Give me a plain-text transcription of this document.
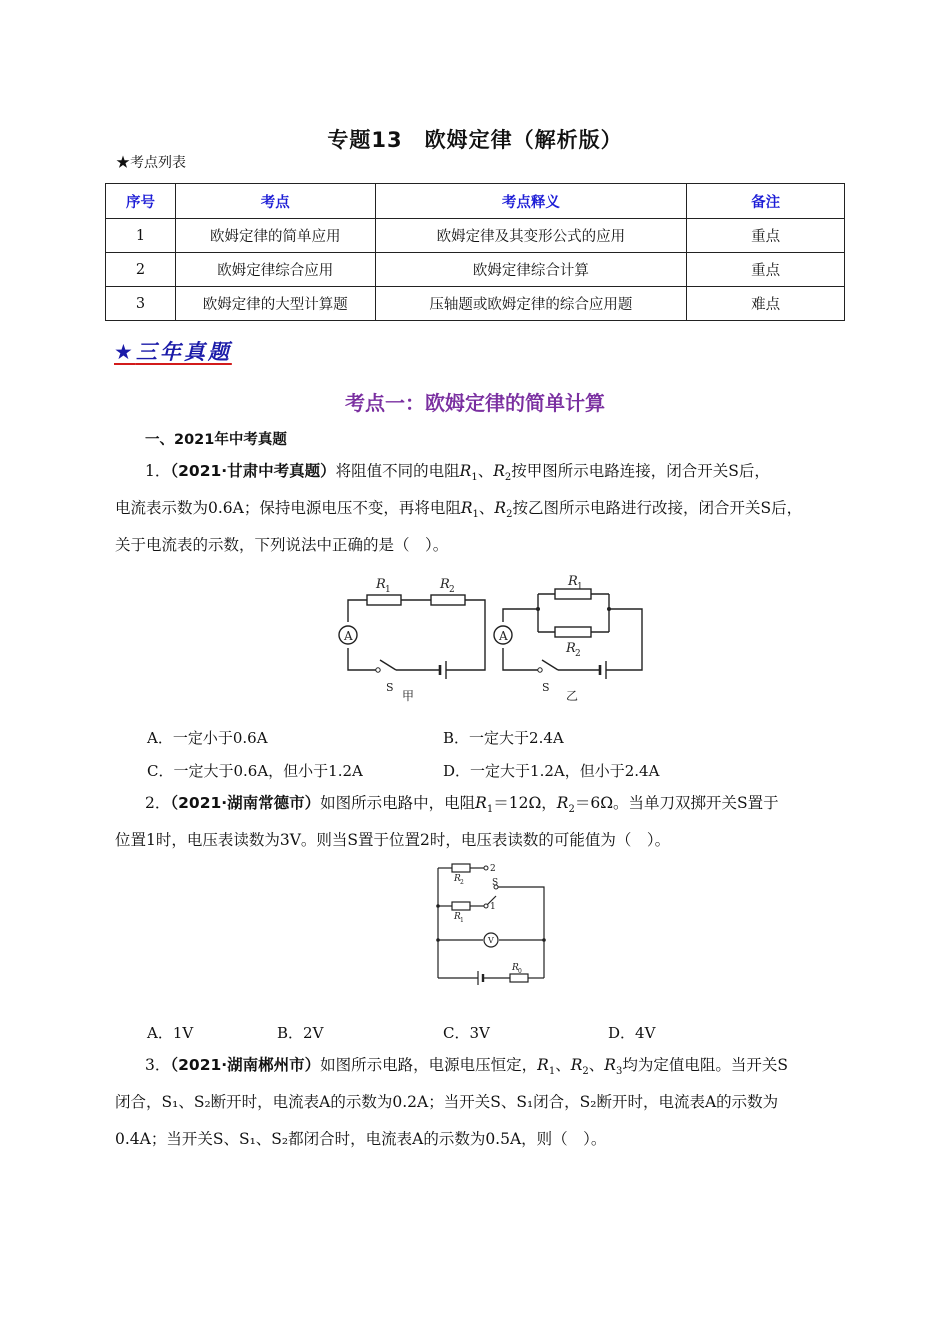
专题13　欧姆定律（解析版）
★考点列表
序号	考点	考点释义	备注
1	欧姆定律的简单应用	欧姆定律及其变形公式的应用	重点
2	欧姆定律综合应用	欧姆定律综合计算	重点
3	欧姆定律的大型计算题	压轴题或欧姆定律的综合应用题	难点
★三年真题
考点一：欧姆定律的简单计算
一、2021年中考真题
1．（2021·甘肃中考真题）将阻值不同的电阻$R_1$、$R_2$按甲图所示电路连接，闭合开关S后，
电流表示数为0.6A；保持电源电压不变，再将电阻$R_1$、$R_2$按乙图所示电路进行改接，闭合开关S后，
关于电流表的示数，下列说法中正确的是（　）。
R 1	R 2
A
S
甲
R 1
R 2
A
S
乙
A．一定小于0.6A	B．一定大于2.4A
C．一定大于0.6A，但小于1.2A	D．一定大于1.2A，但小于2.4A
2．（2021·湖南常德市）如图所示电路中，电阻$R_1=12\Omega$，$R_2=6\Omega$。当单刀双掷开关S置于
位置1时，电压表读数为3V。则当S置于位置2时，电压表读数的可能值为（　）。
R 2
R 1
R 0
S
2
1
V
A．1V	B．2V	C．3V	D．4V
3．（2021·湖南郴州市）如图所示电路，电源电压恒定，$R_1$、$R_2$、$R_3$均为定值电阻。当开关S
闭合，S₁、S₂断开时，电流表A的示数为0.2A；当开关S、S₁闭合，S₂断开时，电流表A的示数为
0.4A；当开关S、S₁、S₂都闭合时，电流表A的示数为0.5A，则（　）。
